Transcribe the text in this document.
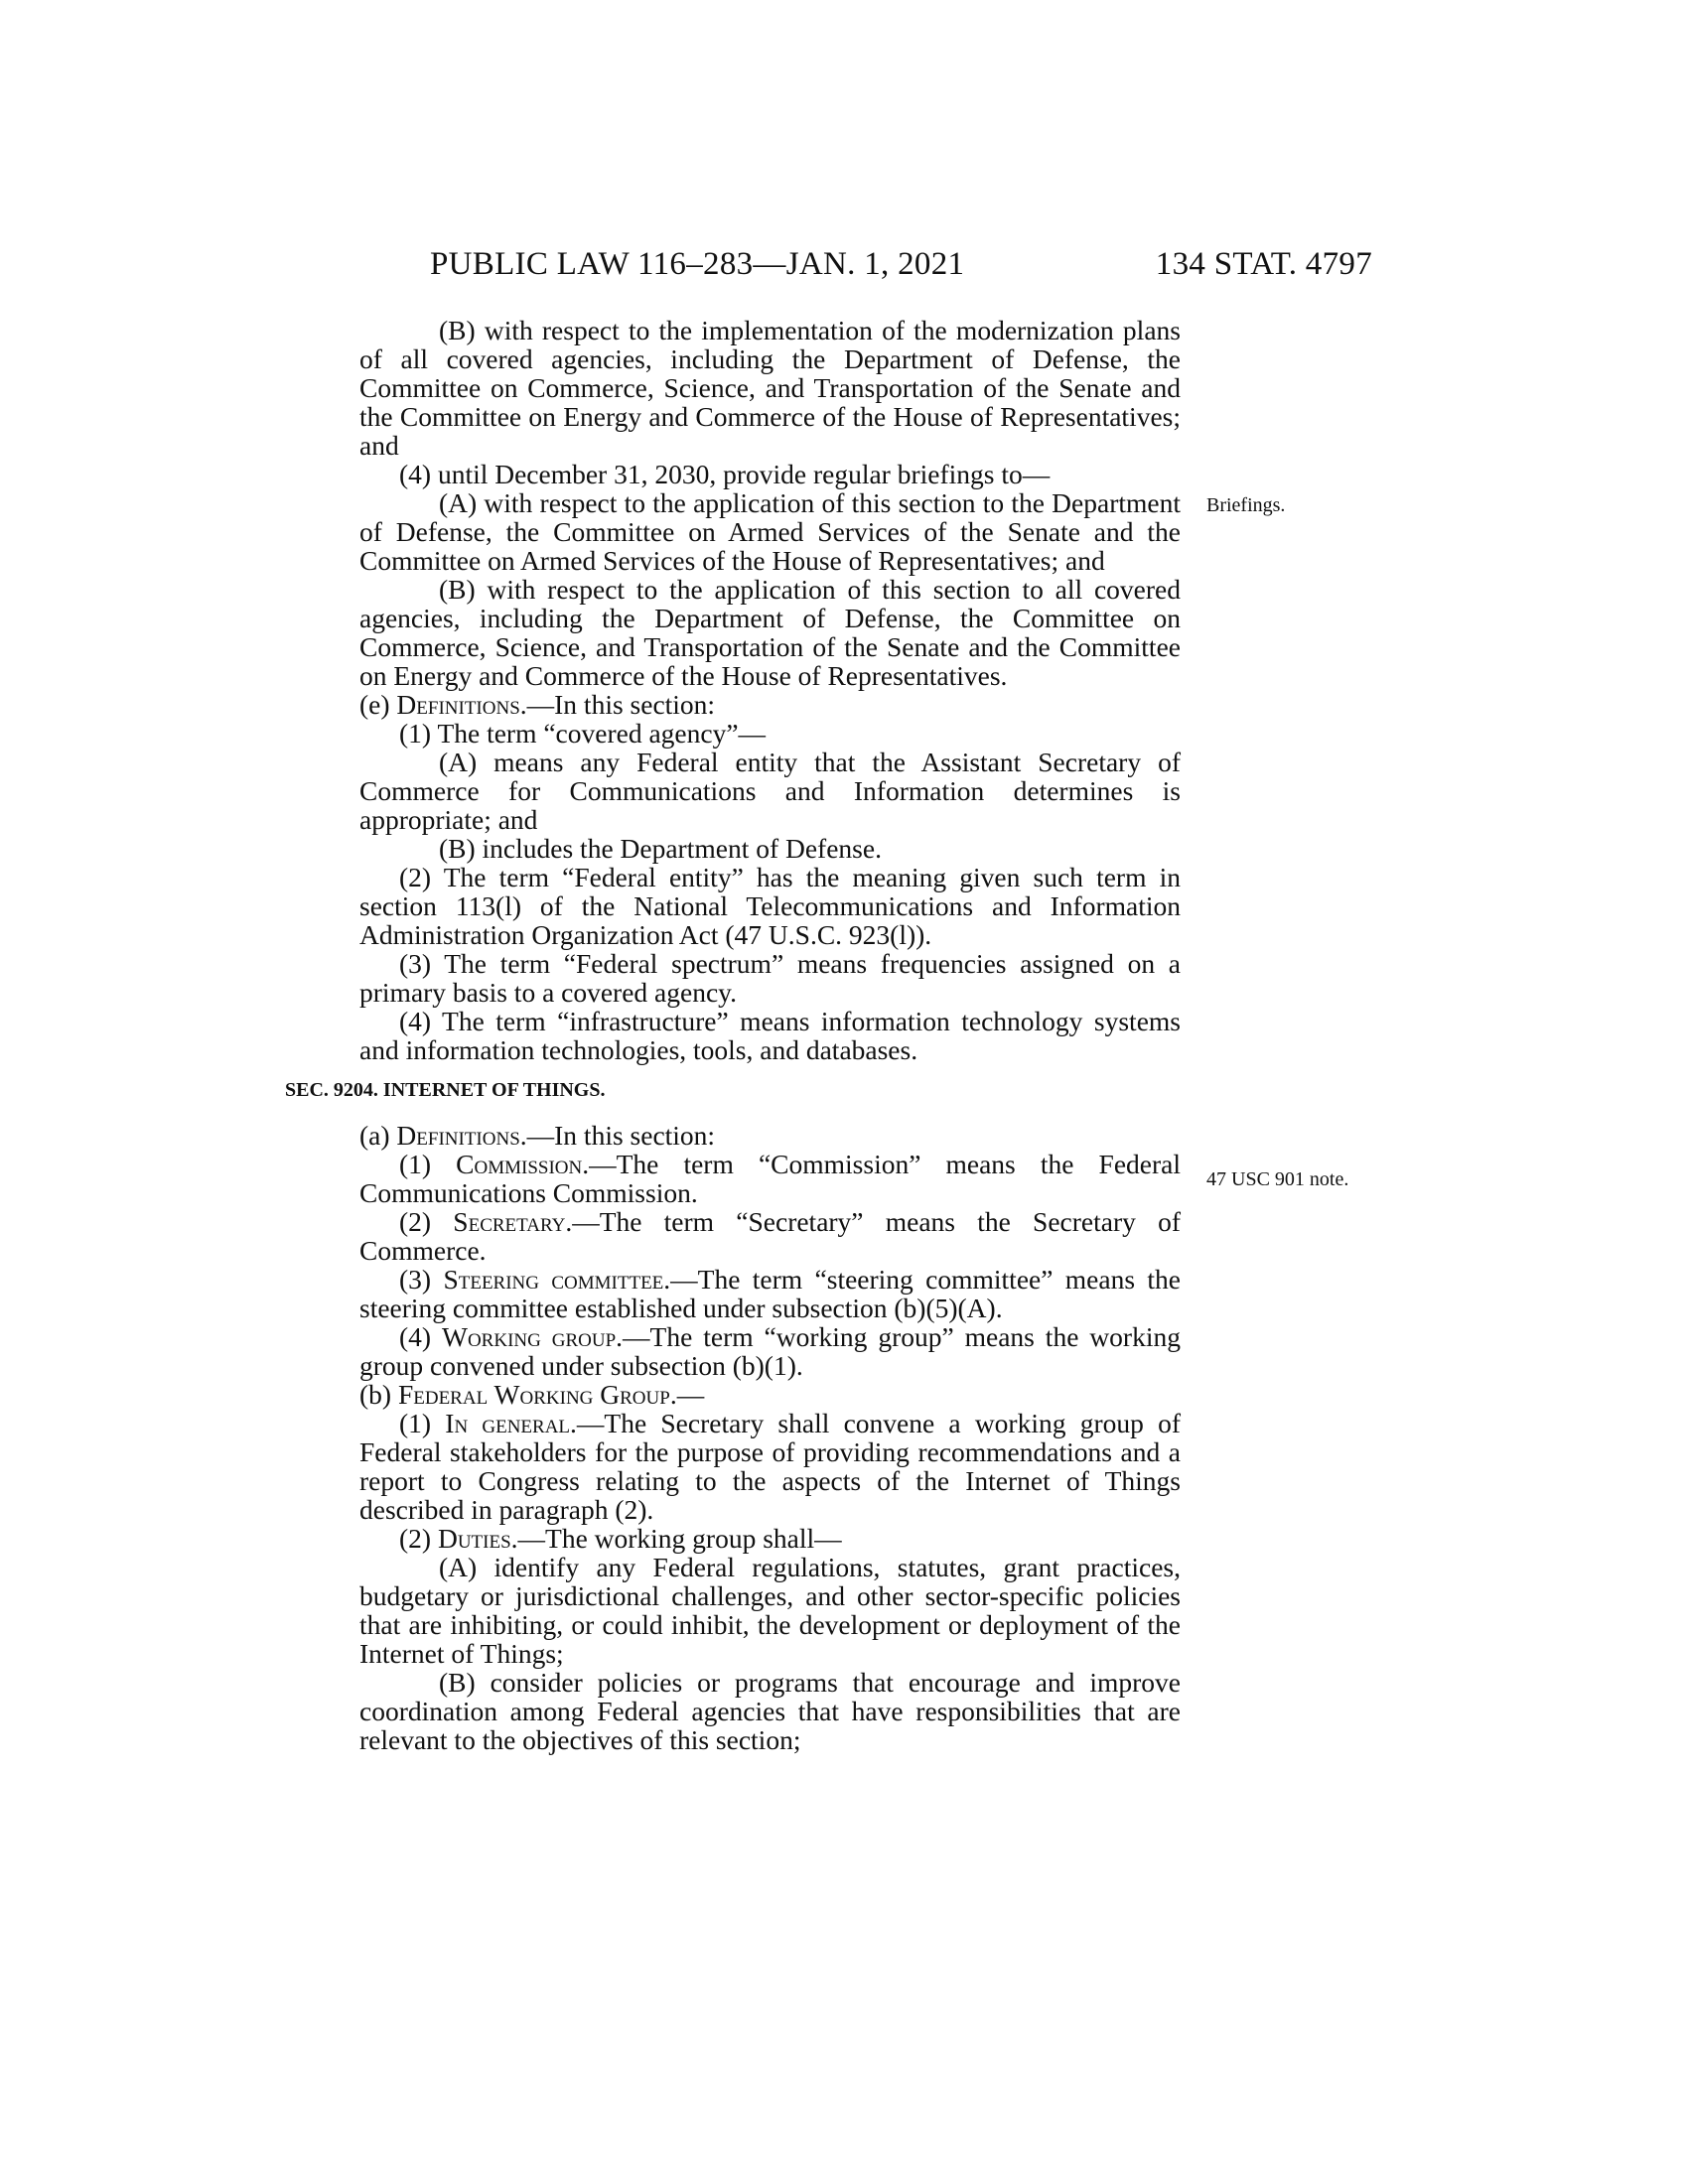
PUBLIC LAW 116–283—JAN. 1, 2021	134 STAT. 4797
Briefings.
47 USC 901 note.

(B) with respect to the implementation of the modernization plans of all covered agencies, including the Department of Defense, the Committee on Commerce, Science, and Transportation of the Senate and the Committee on Energy and Commerce of the House of Representatives; and

(4) until December 31, 2030, provide regular briefings to—

(A) with respect to the application of this section to the Department of Defense, the Committee on Armed Services of the Senate and the Committee on Armed Services of the House of Representatives; and

(B) with respect to the application of this section to all covered agencies, including the Department of Defense, the Committee on Commerce, Science, and Transportation of the Senate and the Committee on Energy and Commerce of the House of Representatives.

(e) Definitions.—In this section:

(1) The term “covered agency”—

(A) means any Federal entity that the Assistant Secretary of Commerce for Communications and Information determines is appropriate; and

(B) includes the Department of Defense.

(2) The term “Federal entity” has the meaning given such term in section 113(l) of the National Telecommunications and Information Administration Organization Act (47 U.S.C. 923(l)).

(3) The term “Federal spectrum” means frequencies assigned on a primary basis to a covered agency.

(4) The term “infrastructure” means information technology systems and information technologies, tools, and databases.

SEC. 9204. INTERNET OF THINGS.

(a) Definitions.—In this section:

(1) Commission.—The term “Commission” means the Federal Communications Commission.

(2) Secretary.—The term “Secretary” means the Secretary of Commerce.

(3) Steering committee.—The term “steering committee” means the steering committee established under subsection (b)(5)(A).

(4) Working group.—The term “working group” means the working group convened under subsection (b)(1).

(b) Federal Working Group.—

(1) In general.—The Secretary shall convene a working group of Federal stakeholders for the purpose of providing recommendations and a report to Congress relating to the aspects of the Internet of Things described in paragraph (2).

(2) Duties.—The working group shall—

(A) identify any Federal regulations, statutes, grant practices, budgetary or jurisdictional challenges, and other sector-specific policies that are inhibiting, or could inhibit, the development or deployment of the Internet of Things;

(B) consider policies or programs that encourage and improve coordination among Federal agencies that have responsibilities that are relevant to the objectives of this section;
